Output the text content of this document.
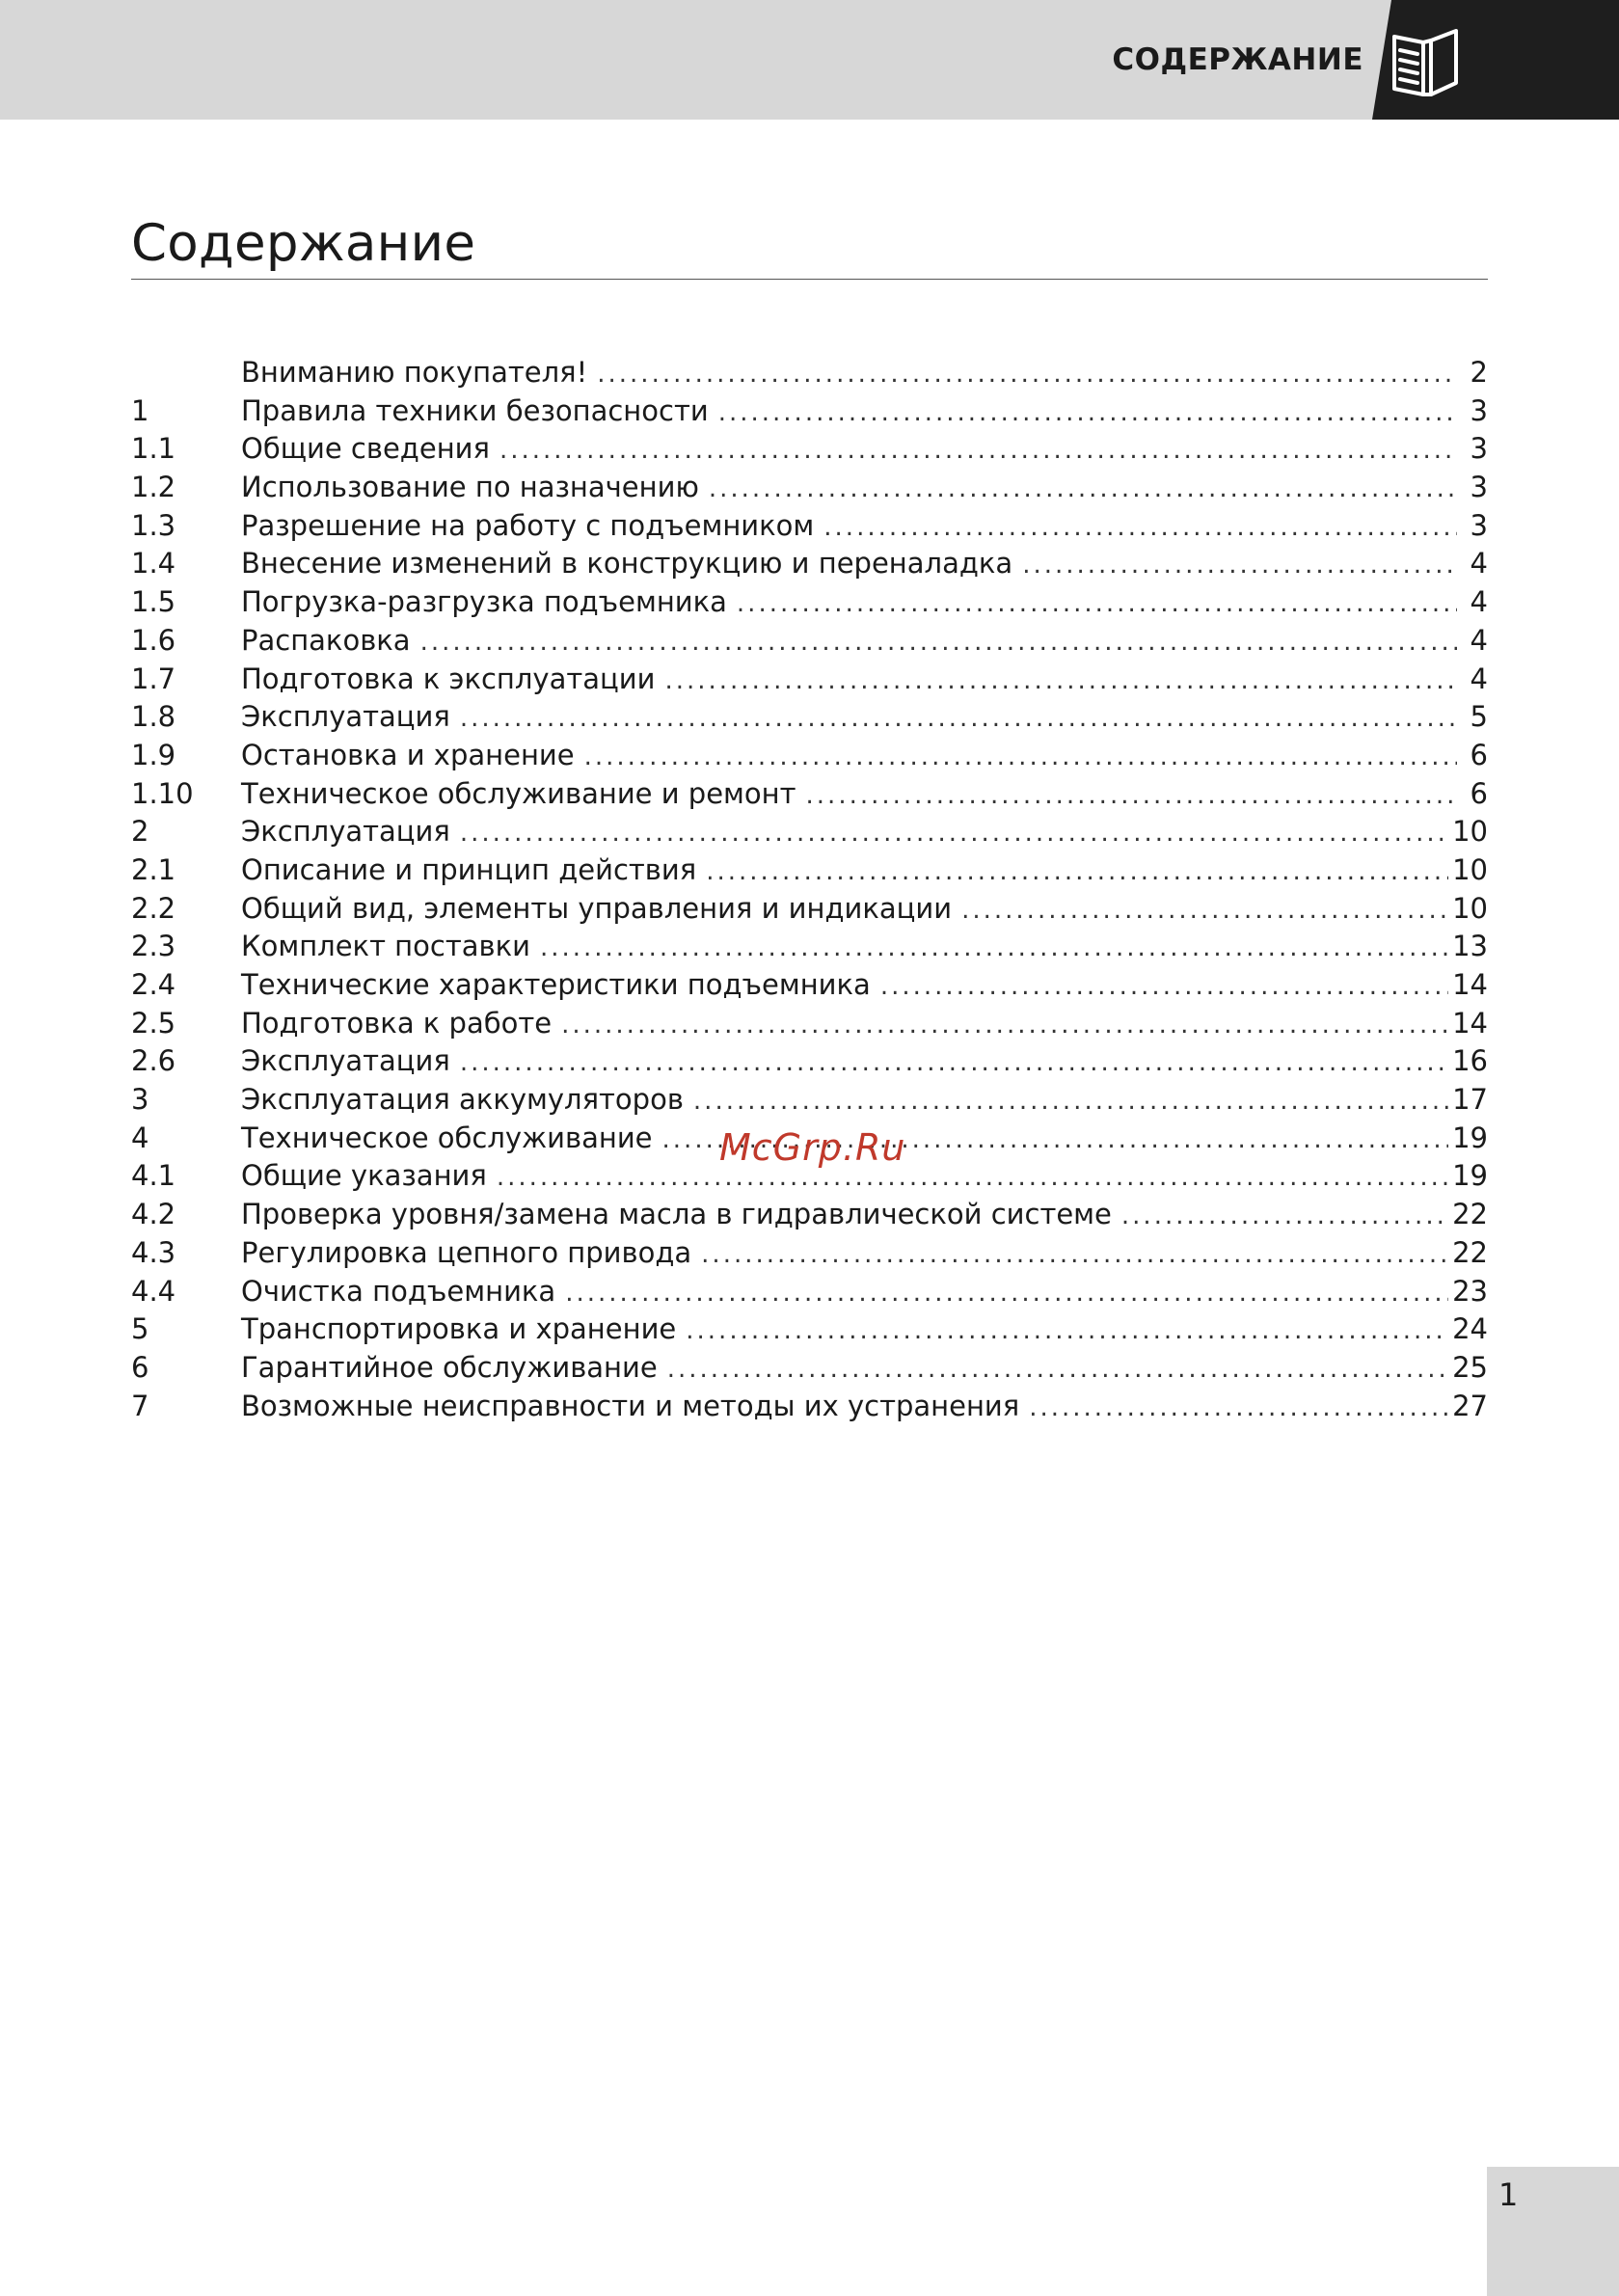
СОДЕРЖАНИЕ
Содержание
Вниманию покупателя! .....	2
1	Правила техники безопасности .....	3
1.1	Общие сведения .....	3
1.2	Использование по назначению .....	3
1.3	Разрешение на работу с подъемником .....	3
1.4	Внесение изменений в конструкцию и переналадка .....	4
1.5	Погрузка-разгрузка подъемника .....	4
1.6	Распаковка .....	4
1.7	Подготовка к эксплуатации .....	4
1.8	Эксплуатация .....	5
1.9	Остановка и хранение .....	6
1.10	Техническое обслуживание и ремонт .....	6
2	Эксплуатация .....	10
2.1	Описание и принцип действия .....	10
2.2	Общий вид, элементы управления и индикации .....	10
2.3	Комплект поставки .....	13
2.4	Технические характеристики подъемника .....	14
2.5	Подготовка к работе .....	14
2.6	Эксплуатация .....	16
3	Эксплуатация аккумуляторов .....	17
4	Техническое обслуживание .....	19
4.1	Общие указания .....	19
4.2	Проверка уровня/замена масла в гидравлической системе .....	22
4.3	Регулировка цепного привода .....	22
4.4	Очистка подъемника .....	23
5	Транспортировка и хранение .....	24
6	Гарантийное обслуживание .....	25
7	Возможные неисправности и методы их устранения .....	27
McGrp.Ru
1
